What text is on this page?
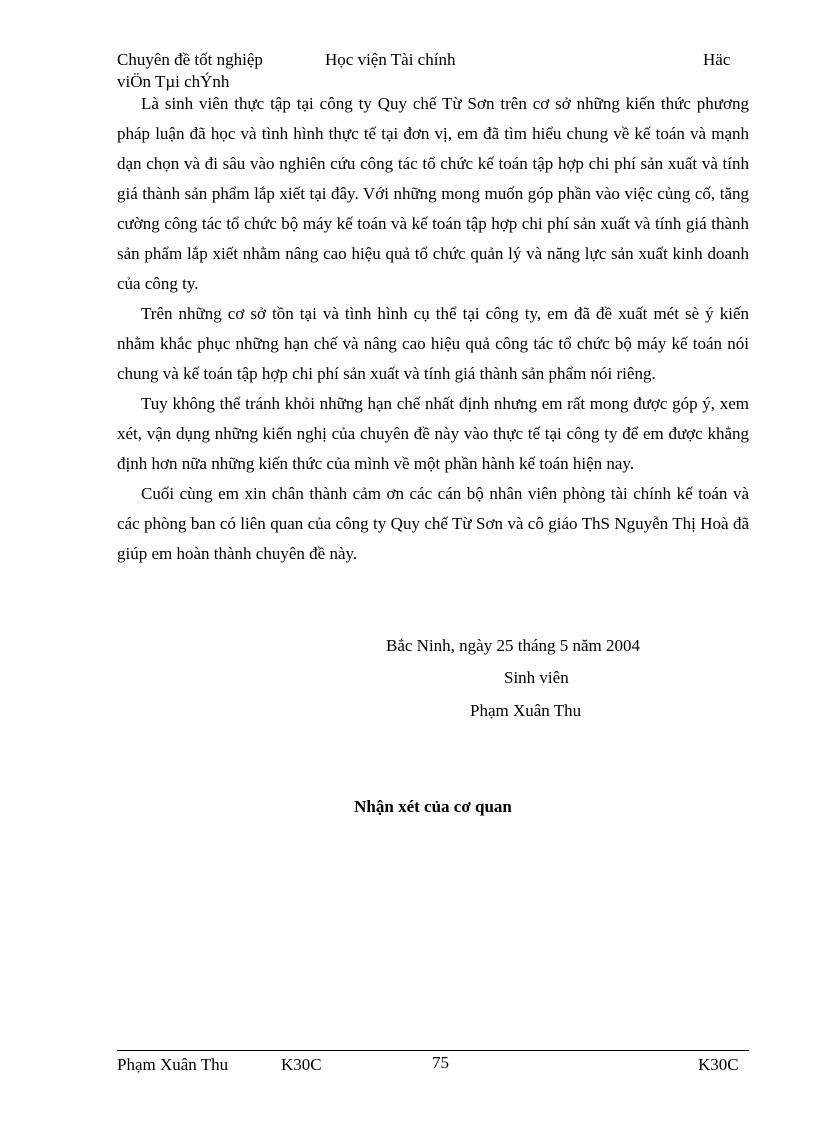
Chuyên đề tốt nghiệp	Học viện Tài chính	Häc
viÖn Tµi chÝnh

Là sinh viên thực tập tại công ty Quy chế Từ Sơn trên cơ sở những kiến thức phương pháp luận đã học và tình hình thực tế tại đơn vị, em đã tìm hiểu chung về kế toán và mạnh dạn chọn và đi sâu vào nghiên cứu công tác tổ chức kế toán tập hợp chi phí sản xuất và tính giá thành sản phẩm lắp xiết tại đây. Với những mong muốn góp phần vào việc củng cố, tăng cường công tác tổ chức bộ máy kế toán và kế toán tập hợp chi phí sản xuất và tính giá thành sản phẩm lắp xiết nhằm nâng cao hiệu quả tổ chức quản lý và năng lực sản xuất kinh doanh của công ty.

Trên những cơ sở tồn tại và tình hình cụ thể tại công ty, em đã đề xuất mét sè ý kiến nhằm khắc phục những hạn chế và nâng cao hiệu quả công tác tổ chức bộ máy kế toán nói chung và kế toán tập hợp chi phí sản xuất và tính giá thành sản phẩm nói riêng.

Tuy không thể tránh khỏi những hạn chế nhất định nhưng em rất mong được góp ý, xem xét, vận dụng những kiến nghị của chuyên đề này vào thực tế tại công ty để em được khẳng định hơn nữa những kiến thức của mình về một phần hành kế toán hiện nay.

Cuối cùng em xin chân thành cảm ơn các cán bộ nhân viên phòng tài chính kế toán và các phòng ban có liên quan của công ty Quy chế Từ Sơn và cô giáo ThS Nguyễn Thị Hoà đã giúp em hoàn thành chuyên đề này.

Bắc Ninh, ngày 25 tháng 5 năm 2004
Sinh viên
Phạm Xuân Thu
Nhận xét của cơ quan
Phạm Xuân Thu	K30C	75	K30C
